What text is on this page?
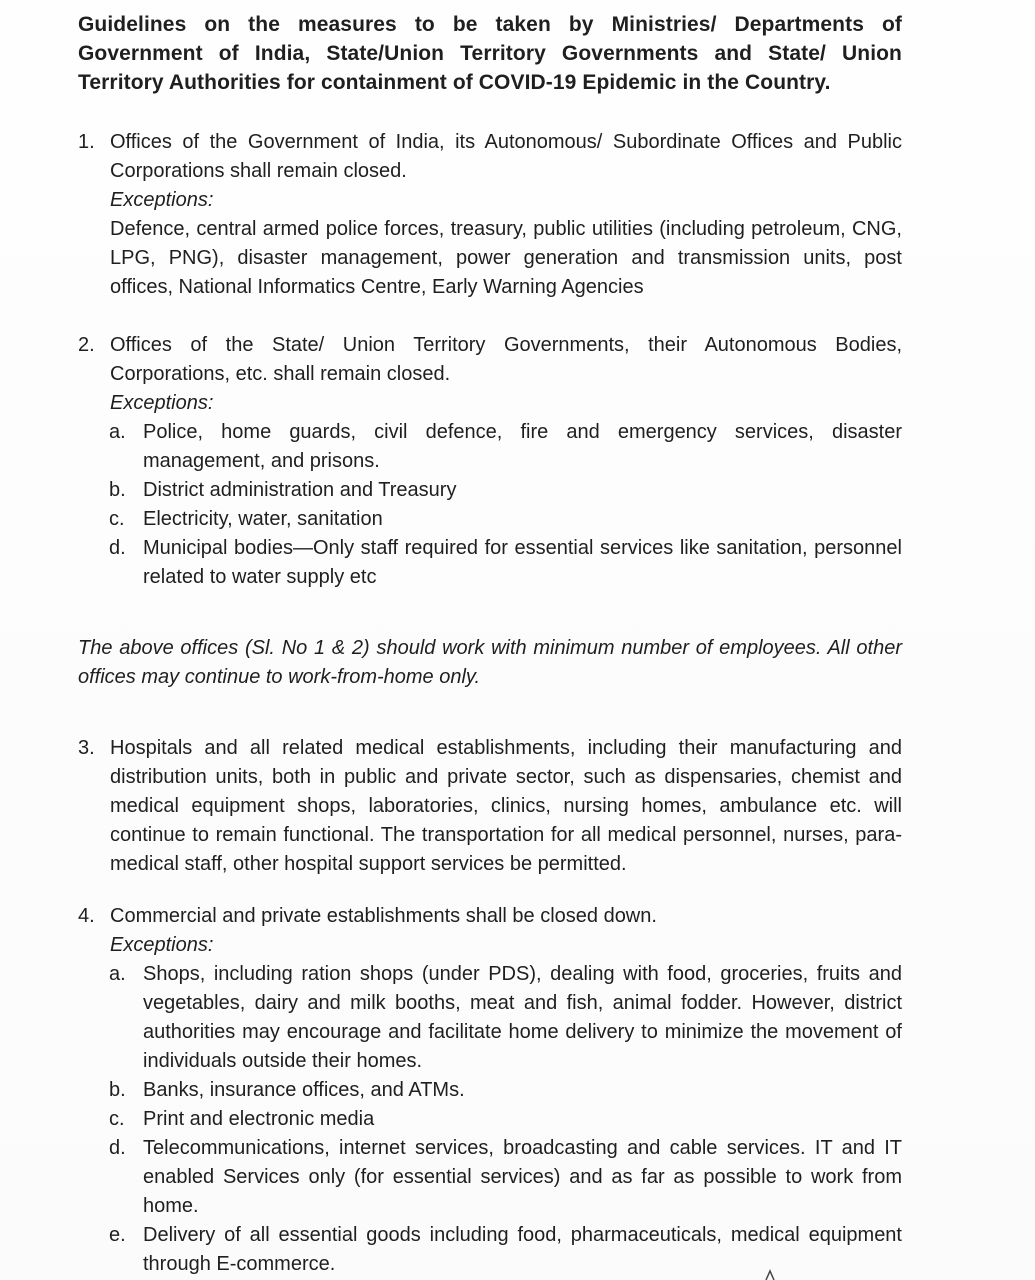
Guidelines on the measures to be taken by Ministries/ Departments of Government of India, State/Union Territory Governments and State/ Union Territory Authorities for containment of COVID-19 Epidemic in the Country.
1. Offices of the Government of India, its Autonomous/ Subordinate Offices and Public Corporations shall remain closed.

Exceptions:
Defence, central armed police forces, treasury, public utilities (including petroleum, CNG, LPG, PNG), disaster management, power generation and transmission units, post offices, National Informatics Centre, Early Warning Agencies
2. Offices of the State/ Union Territory Governments, their Autonomous Bodies, Corporations, etc. shall remain closed.

Exceptions:
a. Police, home guards, civil defence, fire and emergency services, disaster management, and prisons.
b. District administration and Treasury
c. Electricity, water, sanitation
d. Municipal bodies—Only staff required for essential services like sanitation, personnel related to water supply etc
The above offices (Sl. No 1 & 2) should work with minimum number of employees. All other offices may continue to work-from-home only.
3. Hospitals and all related medical establishments, including their manufacturing and distribution units, both in public and private sector, such as dispensaries, chemist and medical equipment shops, laboratories, clinics, nursing homes, ambulance etc. will continue to remain functional. The transportation for all medical personnel, nurses, para-medical staff, other hospital support services be permitted.

4. Commercial and private establishments shall be closed down.

Exceptions:
a. Shops, including ration shops (under PDS), dealing with food, groceries, fruits and vegetables, dairy and milk booths, meat and fish, animal fodder. However, district authorities may encourage and facilitate home delivery to minimize the movement of individuals outside their homes.
b. Banks, insurance offices, and ATMs.
c. Print and electronic media
d. Telecommunications, internet services, broadcasting and cable services. IT and IT enabled Services only (for essential services) and as far as possible to work from home.
e. Delivery of all essential goods including food, pharmaceuticals, medical equipment through E-commerce.
